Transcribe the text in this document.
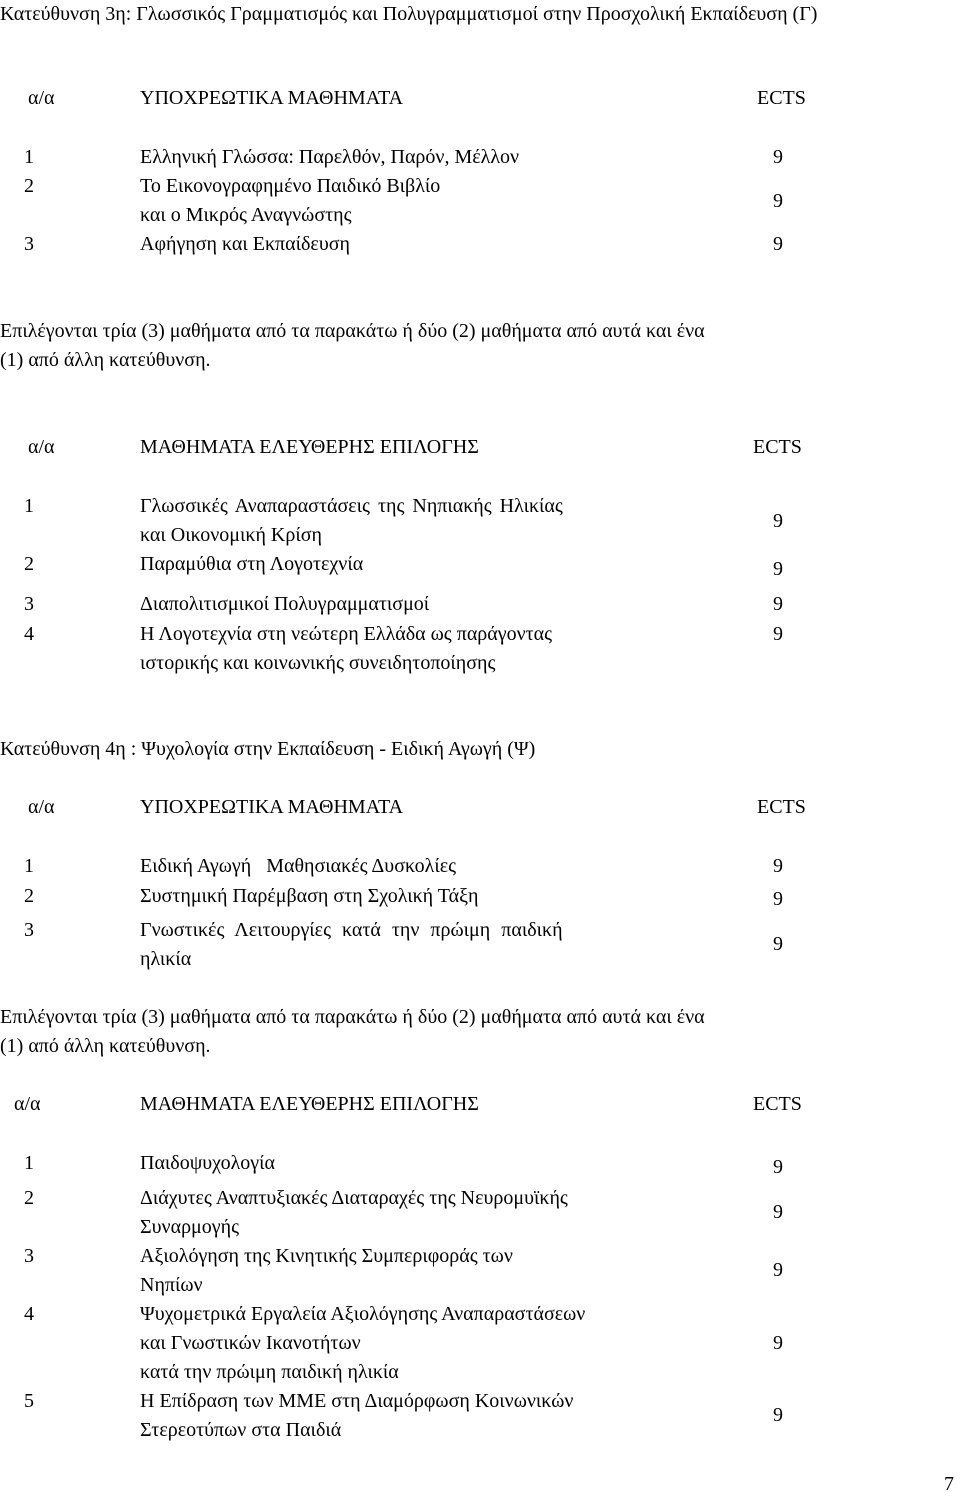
Κατεύθυνση 3η: Γλωσσικός Γραμματισμός και Πολυγραμματισμοί στην Προσχολική Εκπαίδευση (Γ)
α/α	ΥΠΟΧΡΕΩΤΙΚΑ ΜΑΘΗΜΑΤΑ	ECTS
1	Ελληνική Γλώσσα: Παρελθόν, Παρόν, Μέλλον	9
2	Το Εικονογραφημένο Παιδικό Βιβλίο
και ο Μικρός Αναγνώστης
9
3	Αφήγηση και Εκπαίδευση	9
Επιλέγονται τρία (3) μαθήματα από τα παρακάτω ή δύο (2) μαθήματα από αυτά και ένα
(1) από άλλη κατεύθυνση.
α/α	ΜΑΘΗΜΑΤΑ ΕΛΕΥΘΕΡΗΣ ΕΠΙΛΟΓΗΣ	ECTS
1	Γλωσσικές Αναπαραστάσεις της Νηπιακής Ηλικίας
και Οικονομική Κρίση
9
2	Παραμύθια στη Λογοτεχνία	9
3	Διαπολιτισμικοί Πολυγραμματισμοί	9
4	Η Λογοτεχνία στη νεώτερη Ελλάδα ως παράγοντας
ιστορικής και κοινωνικής συνειδητοποίησης
9
Κατεύθυνση 4η : Ψυχολογία στην Εκπαίδευση - Ειδική Αγωγή (Ψ)
α/α	ΥΠΟΧΡΕΩΤΙΚΑ ΜΑΘΗΜΑΤΑ	ECTS
1	Ειδική Αγωγή   Μαθησιακές Δυσκολίες	9
2	Συστημική Παρέμβαση στη Σχολική Τάξη	9
3	Γνωστικές Λειτουργίες κατά την πρώιμη παιδική
ηλικία
9
Επιλέγονται τρία (3) μαθήματα από τα παρακάτω ή δύο (2) μαθήματα από αυτά και ένα
(1) από άλλη κατεύθυνση.
α/α	ΜΑΘΗΜΑΤΑ ΕΛΕΥΘΕΡΗΣ ΕΠΙΛΟΓΗΣ	ECTS
1	Παιδοψυχολογία	9
2	Διάχυτες Αναπτυξιακές Διαταραχές της Νευρομυϊκής
Συναρμογής
9
3	Αξιολόγηση της Κινητικής Συμπεριφοράς των
Νηπίων
9
4	Ψυχομετρικά Εργαλεία Αξιολόγησης Αναπαραστάσεων
και Γνωστικών Ικανοτήτων
κατά την πρώιμη παιδική ηλικία
9
5	Η Επίδραση των ΜΜΕ στη Διαμόρφωση Κοινωνικών
Στερεοτύπων στα Παιδιά
9
7
